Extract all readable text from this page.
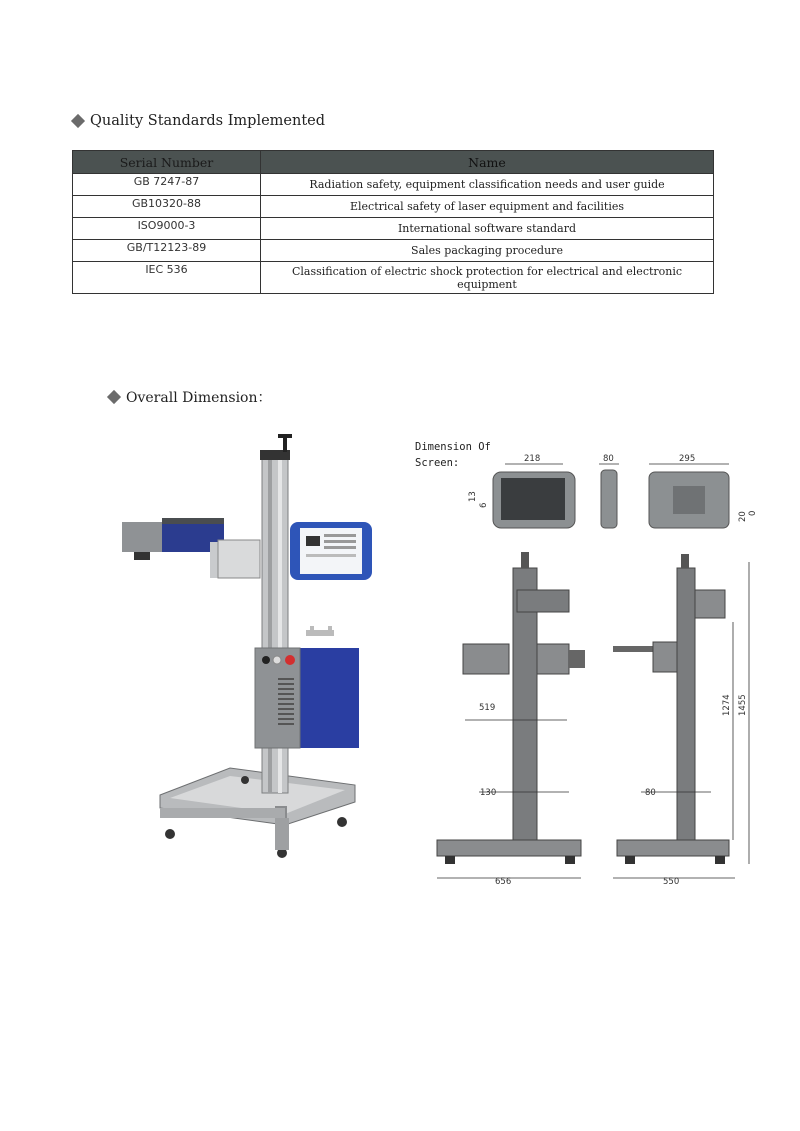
Quality Standards Implemented
Serial Number	Name
GB 7247-87	Radiation safety, equipment classification needs and user guide
GB10320-88	Electrical safety of laser equipment and facilities
ISO9000-3	International software standard
GB/T12123-89	Sales packaging procedure
IEC 536	Classification of electric shock protection for electrical and electronic equipment
Overall Dimension：
Dimension Of
Screen:	218
13
6
80	295
20 0
519
130
656
80
1274 1455
550
